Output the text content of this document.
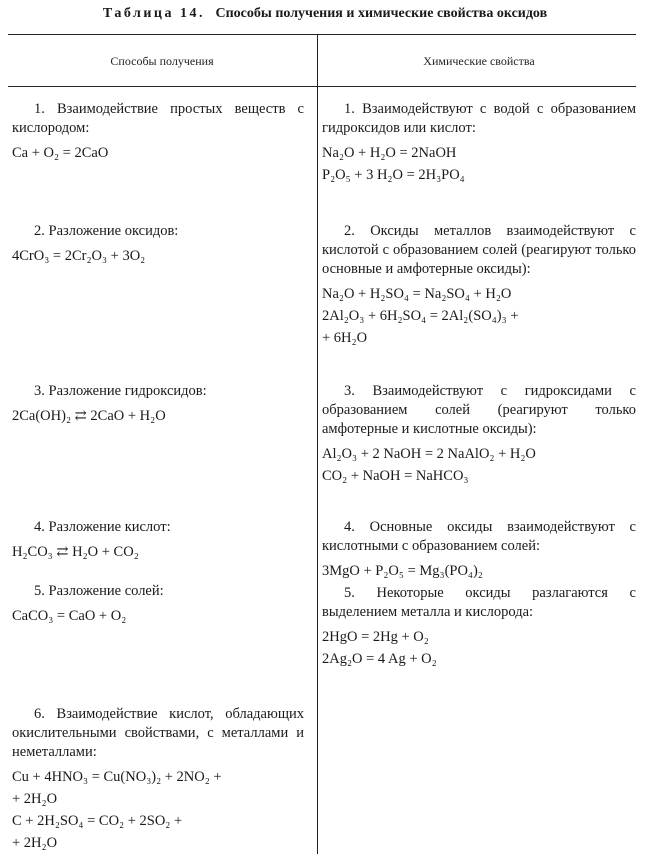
Таблица 14. Способы получения и химические свойства оксидов
Способы получения	Химические свойства

1. Взаимодействие простых веществ с кислородом:

Ca + O₂ = 2CaO

2. Разложение оксидов:

4CrO₃ = 2Cr₂O₃ + 3O₂

3. Разложение гидроксидов:

2Ca(OH)₂ ⇄ 2CaO + H₂O

4. Разложение кислот:

H₂CO₃ ⇄ H₂O + CO₂

5. Разложение солей:

CaCO₃ = CaO + O₂

6. Взаимодействие кислот, обладающих окислительными свойствами, с металлами и неметаллами:

Cu + 4HNO₃ = Cu(NO₃)₂ + 2NO₂ +

+ 2H₂O

C + 2H₂SO₄ = CO₂ + 2SO₂ +

+ 2H₂O

1. Взаимодействуют с водой с образованием гидроксидов или кислот:

Na₂O + H₂O = 2NaOH

P₂O₅ + 3 H₂O = 2H₃PO₄

2. Оксиды металлов взаимодействуют с кислотой с образованием солей (реагируют только основные и амфотерные оксиды):

Na₂O + H₂SO₄ = Na₂SO₄ + H₂O

2Al₂O₃ + 6H₂SO₄ = 2Al₂(SO₄)₃ +

+ 6H₂O

3. Взаимодействуют с гидроксидами с образованием солей (реагируют только амфотерные и кислотные оксиды):

Al₂O₃ + 2 NaOH = 2 NaAlO₂ + H₂O

CO₂ + NaOH = NaHCO₃

4. Основные оксиды взаимодействуют с кислотными с образованием солей:

3MgO + P₂O₅ = Mg₃(PO₄)₂

5. Некоторые оксиды разлагаются с выделением металла и кислорода:

2HgO = 2Hg + O₂

2Ag₂O = 4 Ag + O₂
